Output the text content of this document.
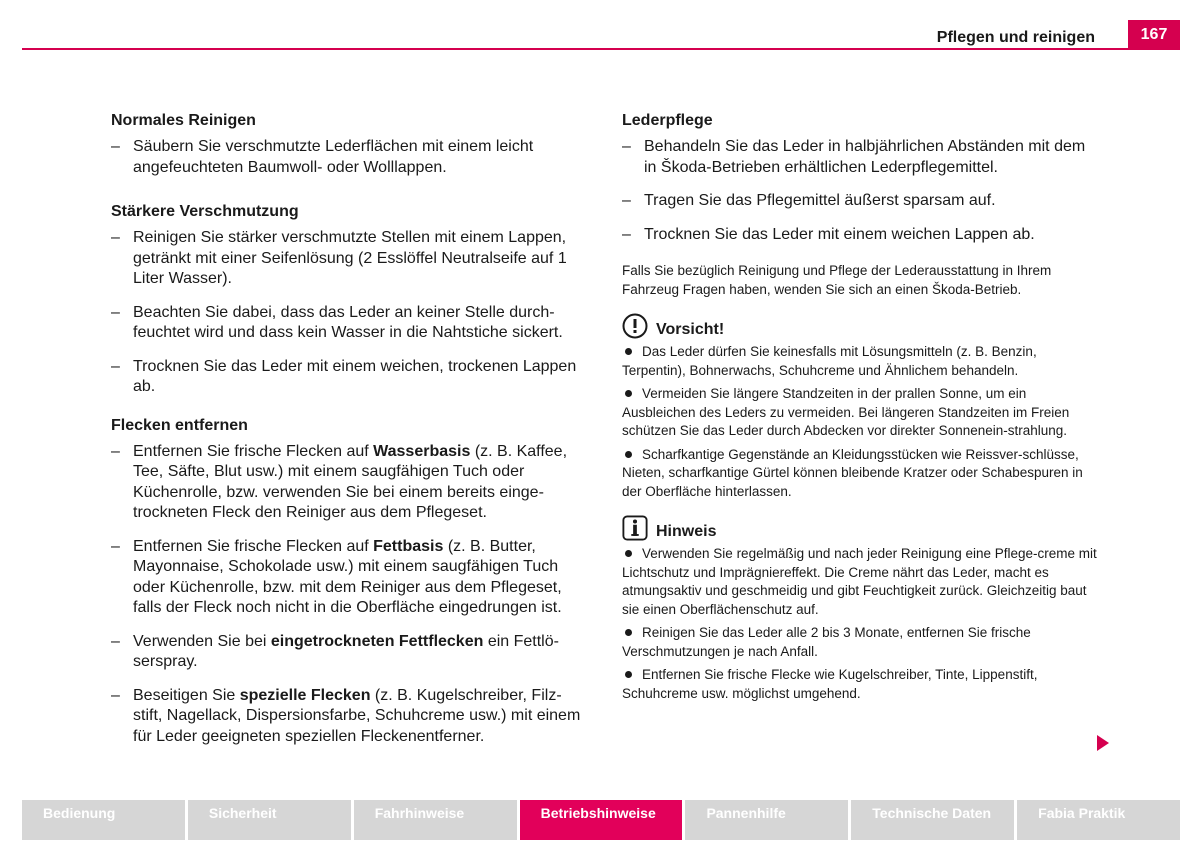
Pflegen und reinigen	167
Normales Reinigen
– Säubern Sie verschmutzte Lederflächen mit einem leicht angefeuchteten Baumwoll- oder Wolllappen.
Stärkere Verschmutzung
– Reinigen Sie stärker verschmutzte Stellen mit einem Lappen, getränkt mit einer Seifenlösung (2 Esslöffel Neutralseife auf 1 Liter Wasser).
– Beachten Sie dabei, dass das Leder an keiner Stelle durch-feuchtet wird und dass kein Wasser in die Nahtstiche sickert.
– Trocknen Sie das Leder mit einem weichen, trockenen Lappen ab.
Flecken entfernen
– Entfernen Sie frische Flecken auf Wasserbasis (z. B. Kaffee, Tee, Säfte, Blut usw.) mit einem saugfähigen Tuch oder Küchenrolle, bzw. verwenden Sie bei einem bereits einge-trockneten Fleck den Reiniger aus dem Pflegeset.
– Entfernen Sie frische Flecken auf Fettbasis (z. B. Butter, Mayonnaise, Schokolade usw.) mit einem saugfähigen Tuch oder Küchenrolle, bzw. mit dem Reiniger aus dem Pflegeset, falls der Fleck noch nicht in die Oberfläche eingedrungen ist.
– Verwenden Sie bei eingetrockneten Fettflecken ein Fettlö-serspray.
– Beseitigen Sie spezielle Flecken (z. B. Kugelschreiber, Filz-stift, Nagellack, Dispersionsfarbe, Schuhcreme usw.) mit einem für Leder geeigneten speziellen Fleckenentferner.
Lederpflege
– Behandeln Sie das Leder in halbjährlichen Abständen mit dem in Škoda-Betrieben erhältlichen Lederpflegemittel.
– Tragen Sie das Pflegemittel äußerst sparsam auf.
– Trocknen Sie das Leder mit einem weichen Lappen ab.
Falls Sie bezüglich Reinigung und Pflege der Lederausstattung in Ihrem Fahrzeug Fragen haben, wenden Sie sich an einen Škoda-Betrieb.
Vorsicht!
Das Leder dürfen Sie keinesfalls mit Lösungsmitteln (z. B. Benzin, Terpentin), Bohnerwachs, Schuhcreme und Ähnlichem behandeln.
Vermeiden Sie längere Standzeiten in der prallen Sonne, um ein Ausbleichen des Leders zu vermeiden. Bei längeren Standzeiten im Freien schützen Sie das Leder durch Abdecken vor direkter Sonnenein-strahlung.
Scharfkantige Gegenstände an Kleidungsstücken wie Reissver-schlüsse, Nieten, scharfkantige Gürtel können bleibende Kratzer oder Schabespuren in der Oberfläche hinterlassen.
Hinweis
Verwenden Sie regelmäßig und nach jeder Reinigung eine Pflege-creme mit Lichtschutz und Imprägniereffekt. Die Creme nährt das Leder, macht es atmungsaktiv und geschmeidig und gibt Feuchtigkeit zurück. Gleichzeitig baut sie einen Oberflächenschutz auf.
Reinigen Sie das Leder alle 2 bis 3 Monate, entfernen Sie frische Verschmutzungen je nach Anfall.
Entfernen Sie frische Flecke wie Kugelschreiber, Tinte, Lippenstift, Schuhcreme usw. möglichst umgehend.
Bedienung	Sicherheit	Fahrhinweise	Betriebshinweise	Pannenhilfe	Technische Daten	Fabia Praktik
